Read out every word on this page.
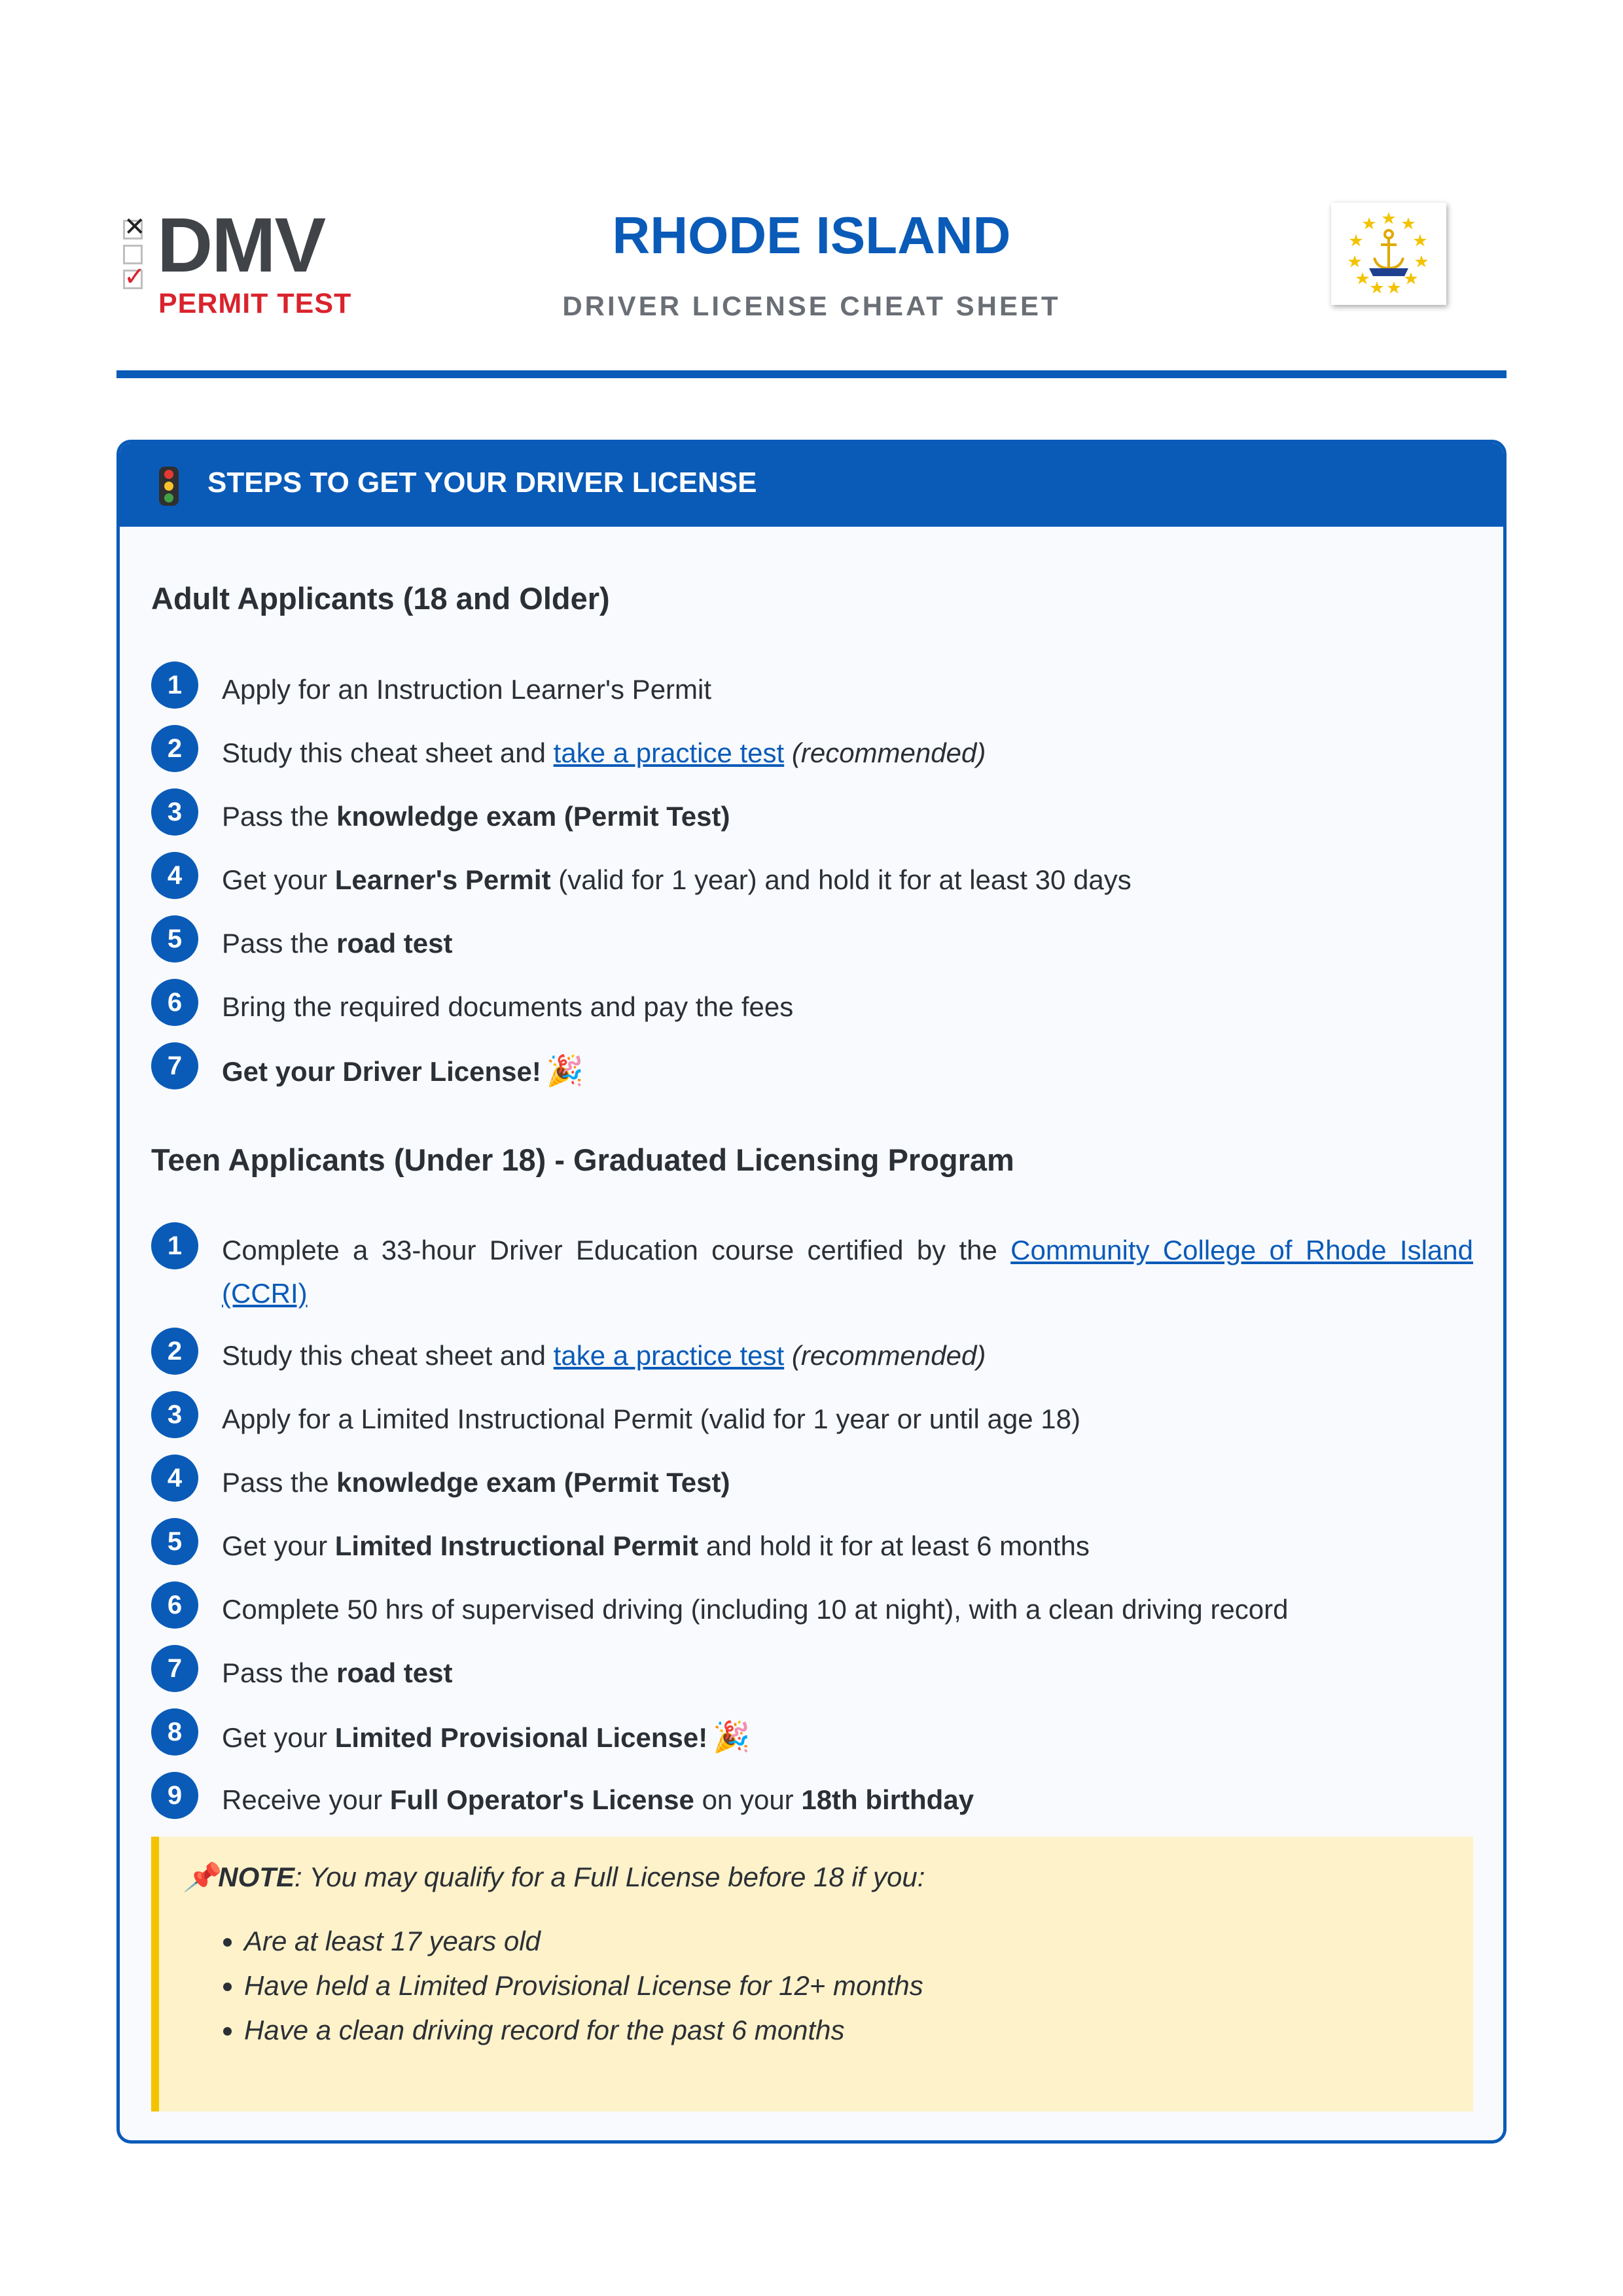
✕
✓ DMV
PERMIT TEST
RHODE ISLAND
DRIVER LICENSE CHEAT SHEET
STEPS TO GET YOUR DRIVER LICENSE
Adult Applicants (18 and Older)
1	Apply for an Instruction Learner's Permit
2	Study this cheat sheet and take a practice test (recommended)
3	Pass the knowledge exam (Permit Test)
4	Get your Learner's Permit (valid for 1 year) and hold it for at least 30 days
5	Pass the road test
6	Bring the required documents and pay the fees
7	Get your Driver License! 🎉
Teen Applicants (Under 18) - Graduated Licensing Program
1	Complete a 33-hour Driver Education course certified by the Community College of Rhode Island (CCRI)
2	Study this cheat sheet and take a practice test (recommended)
3	Apply for a Limited Instructional Permit (valid for 1 year or until age 18)
4	Pass the knowledge exam (Permit Test)
5	Get your Limited Instructional Permit and hold it for at least 6 months
6	Complete 50 hrs of supervised driving (including 10 at night), with a clean driving record
7	Pass the road test
8	Get your Limited Provisional License! 🎉
9	Receive your Full Operator's License on your 18th birthday
📌NOTE: You may qualify for a Full License before 18 if you:
• Are at least 17 years old
• Have held a Limited Provisional License for 12+ months
• Have a clean driving record for the past 6 months
